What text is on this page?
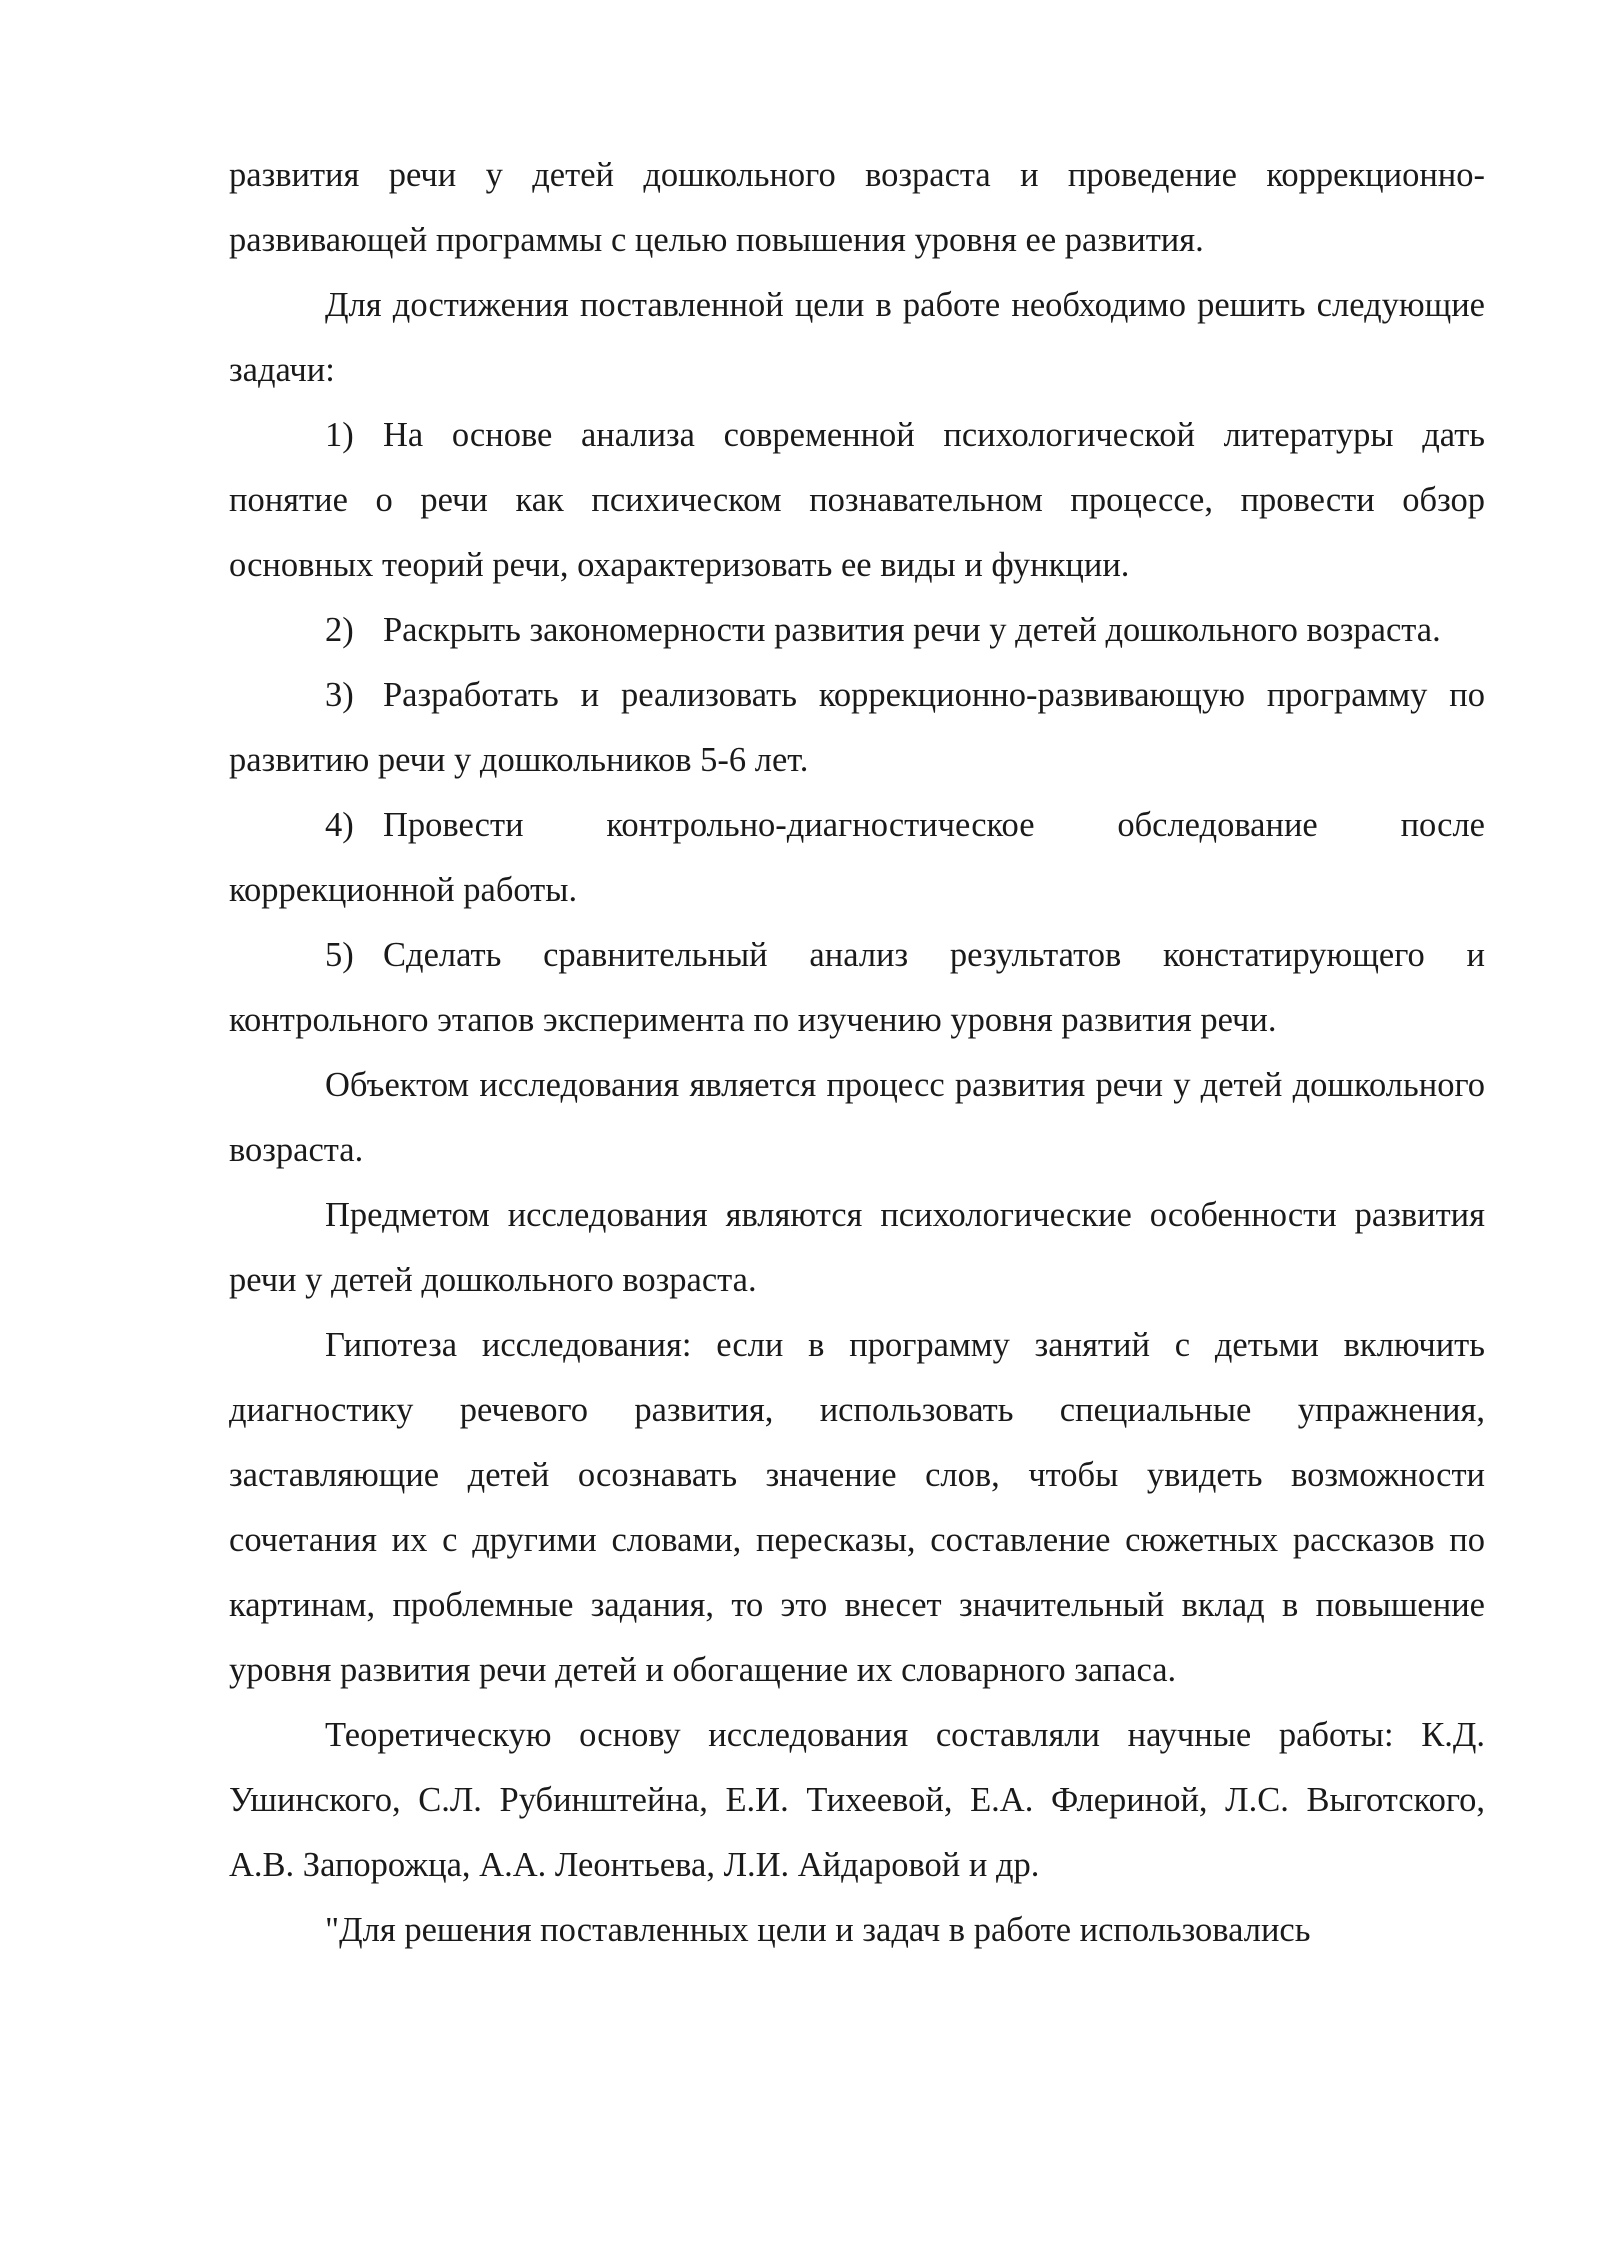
развития речи у детей дошкольного возраста и проведение коррекционно-развивающей программы с целью повышения уровня ее развития.

Для достижения поставленной цели в работе необходимо решить следующие задачи:

1) На основе анализа современной психологической литературы дать понятие о речи как психическом познавательном процессе, провести обзор основных теорий речи, охарактеризовать ее виды и функции.

2) Раскрыть закономерности развития речи у детей дошкольного возраста.

3) Разработать и реализовать коррекционно-развивающую программу по развитию речи у дошкольников 5-6 лет.

4) Провести контрольно-диагностическое обследование после коррекционной работы.

5) Сделать сравнительный анализ результатов констатирующего и контрольного этапов эксперимента по изучению уровня развития речи.

Объектом исследования является процесс развития речи у детей дошкольного возраста.

Предметом исследования являются психологические особенности развития речи у детей дошкольного возраста.

Гипотеза исследования: если в программу занятий с детьми включить диагностику речевого развития, использовать специальные упражнения, заставляющие детей осознавать значение слов, чтобы увидеть возможности сочетания их с другими словами, пересказы, составление сюжетных рассказов по картинам, проблемные задания, то это внесет значительный вклад в повышение уровня развития речи детей и обогащение их словарного запаса.

Теоретическую основу исследования составляли научные работы: К.Д. Ушинского, С.Л. Рубинштейна, Е.И. Тихеевой, Е.А. Флериной, Л.С. Выготского, А.В. Запорожца, А.А. Леонтьева, Л.И. Айдаровой и др.

"Для решения поставленных цели и задач в работе использовались
